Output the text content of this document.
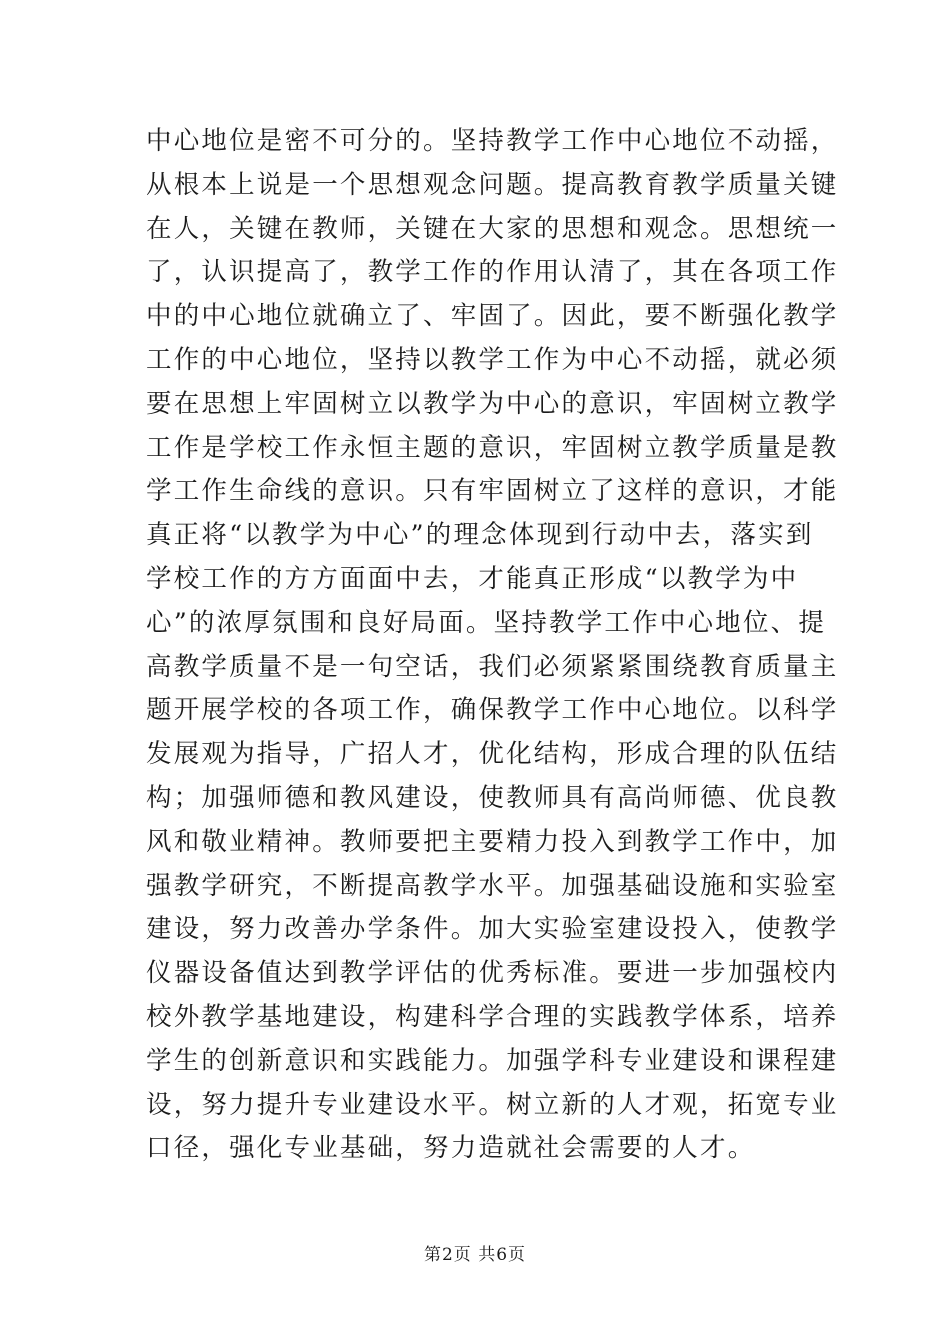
中心地位是密不可分的。坚持教学工作中心地位不动摇，
从根本上说是一个思想观念问题。提高教育教学质量关键
在人，关键在教师，关键在大家的思想和观念。思想统一
了，认识提高了，教学工作的作用认清了，其在各项工作
中的中心地位就确立了、牢固了。因此，要不断强化教学
工作的中心地位，坚持以教学工作为中心不动摇，就必须
要在思想上牢固树立以教学为中心的意识，牢固树立教学
工作是学校工作永恒主题的意识，牢固树立教学质量是教
学工作生命线的意识。只有牢固树立了这样的意识，才能
真正将“以教学为中心”的理念体现到行动中去，落实到
学校工作的方方面面中去，才能真正形成“以教学为中
心”的浓厚氛围和良好局面。坚持教学工作中心地位、提
高教学质量不是一句空话，我们必须紧紧围绕教育质量主
题开展学校的各项工作，确保教学工作中心地位。以科学
发展观为指导，广招人才，优化结构，形成合理的队伍结
构；加强师德和教风建设，使教师具有高尚师德、优良教
风和敬业精神。教师要把主要精力投入到教学工作中，加
强教学研究，不断提高教学水平。加强基础设施和实验室
建设，努力改善办学条件。加大实验室建设投入，使教学
仪器设备值达到教学评估的优秀标准。要进一步加强校内
校外教学基地建设，构建科学合理的实践教学体系，培养
学生的创新意识和实践能力。加强学科专业建设和课程建
设，努力提升专业建设水平。树立新的人才观，拓宽专业
口径，强化专业基础，努力造就社会需要的人才。
第2页 共6页
